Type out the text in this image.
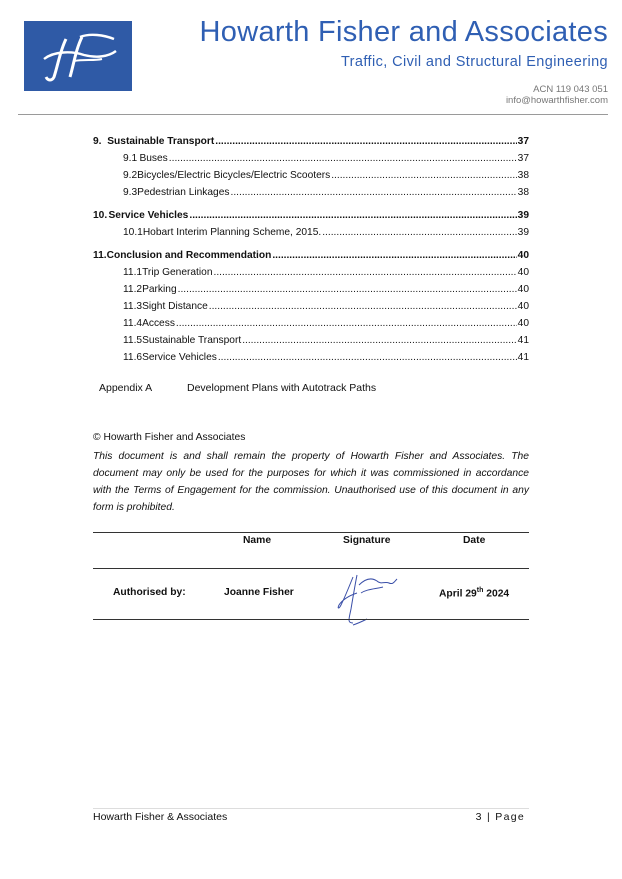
Howarth Fisher and Associates
Traffic, Civil and Structural Engineering
ACN 119 043 051
info@howarthfisher.com
9. Sustainable Transport .....	37
9.1 Buses .....	37
9.2 Bicycles/Electric Bicycles/Electric Scooters .....	38
9.3 Pedestrian Linkages .....	38
10. Service Vehicles .....	39
10.1 Hobart Interim Planning Scheme, 2015. .....	39
11. Conclusion and Recommendation .....	40
11.1 Trip Generation .....	40
11.2 Parking .....	40
11.3 Sight Distance .....	40
11.4 Access .....	40
11.5 Sustainable Transport .....	41
11.6 Service Vehicles .....	41
Appendix A	Development Plans with Autotrack Paths
© Howarth Fisher and Associates
This document is and shall remain the property of Howarth Fisher and Associates. The document may only be used for the purposes for which it was commissioned in accordance with the Terms of Engagement for the commission. Unauthorised use of this document in any form is prohibited.
Name	Signature	Date
Authorised by:	Joanne Fisher	April 29th 2024
Howarth Fisher & Associates	3 | Page
